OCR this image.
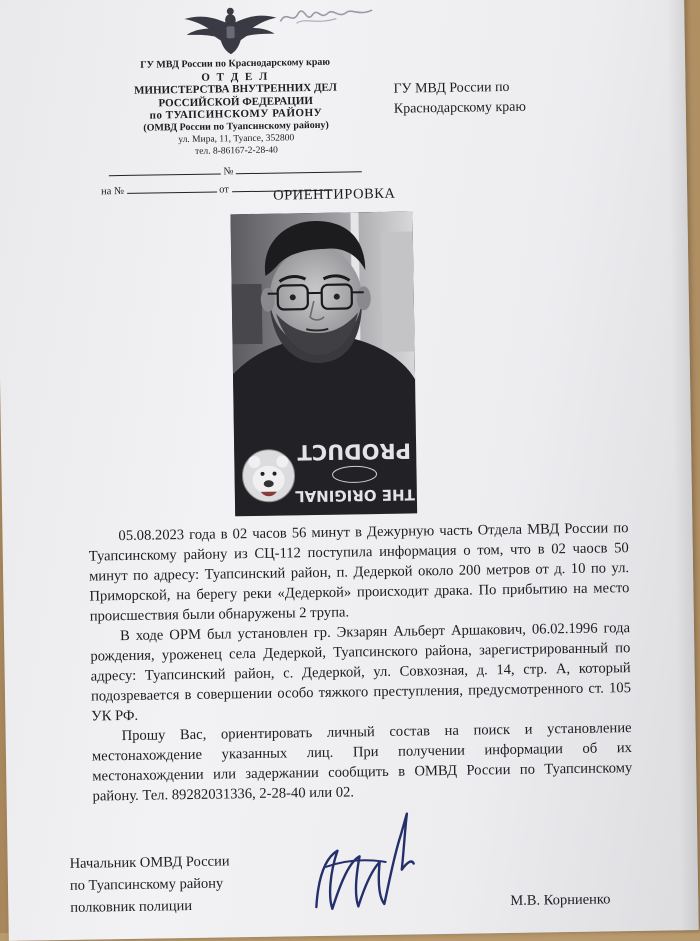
ГУ МВД России по Краснодарскому краю
О Т Д Е Л
МИНИСТЕРСТВА ВНУТРЕННИХ ДЕЛ
РОССИЙСКОЙ ФЕДЕРАЦИИ
по ТУАПСИНСКОМУ РАЙОНУ
(ОМВД России по Туапсинскому району)
ул. Мира, 11, Туапсе, 352800
тел. 8-86167-2-28-40
ГУ МВД России по
Краснодарскому краю
№
на №	от	ОРИЕНТИРОВКА
THE ORIGINAL
PRODUCT

05.08.2023 года в 02 часов 56 минут в Дежурную часть Отдела МВД России по Туапсинскому району из СЦ-112 поступила информация о том, что в 02 чаосв 50 минут по адресу: Туапсинский район, п. Дедеркой около 200 метров от д. 10 по ул. Приморской, на берегу реки «Дедеркой» происходит драка. По прибытию на место происшествия были обнаружены 2 трупа.

В ходе ОРМ был установлен гр. Экзарян Альберт Аршакович, 06.02.1996 года рождения, уроженец села Дедеркой, Туапсинского района, зарегистрированный по адресу: Туапсинский район, с. Дедеркой, ул. Совхозная, д. 14, стр. А, который подозревается в совершении особо тяжкого преступления, предусмотренного ст. 105 УК РФ.

Прошу Вас, ориентировать личный состав на поиск и установление местонахождение указанных лиц. При получении информации об их местонахождении или задержании сообщить в ОМВД России по Туапсинскому району. Тел. 89282031336, 2-28-40 или 02.

Начальник ОМВД России
по Туапсинскому району
полковник полиции	М.В. Корниенко
